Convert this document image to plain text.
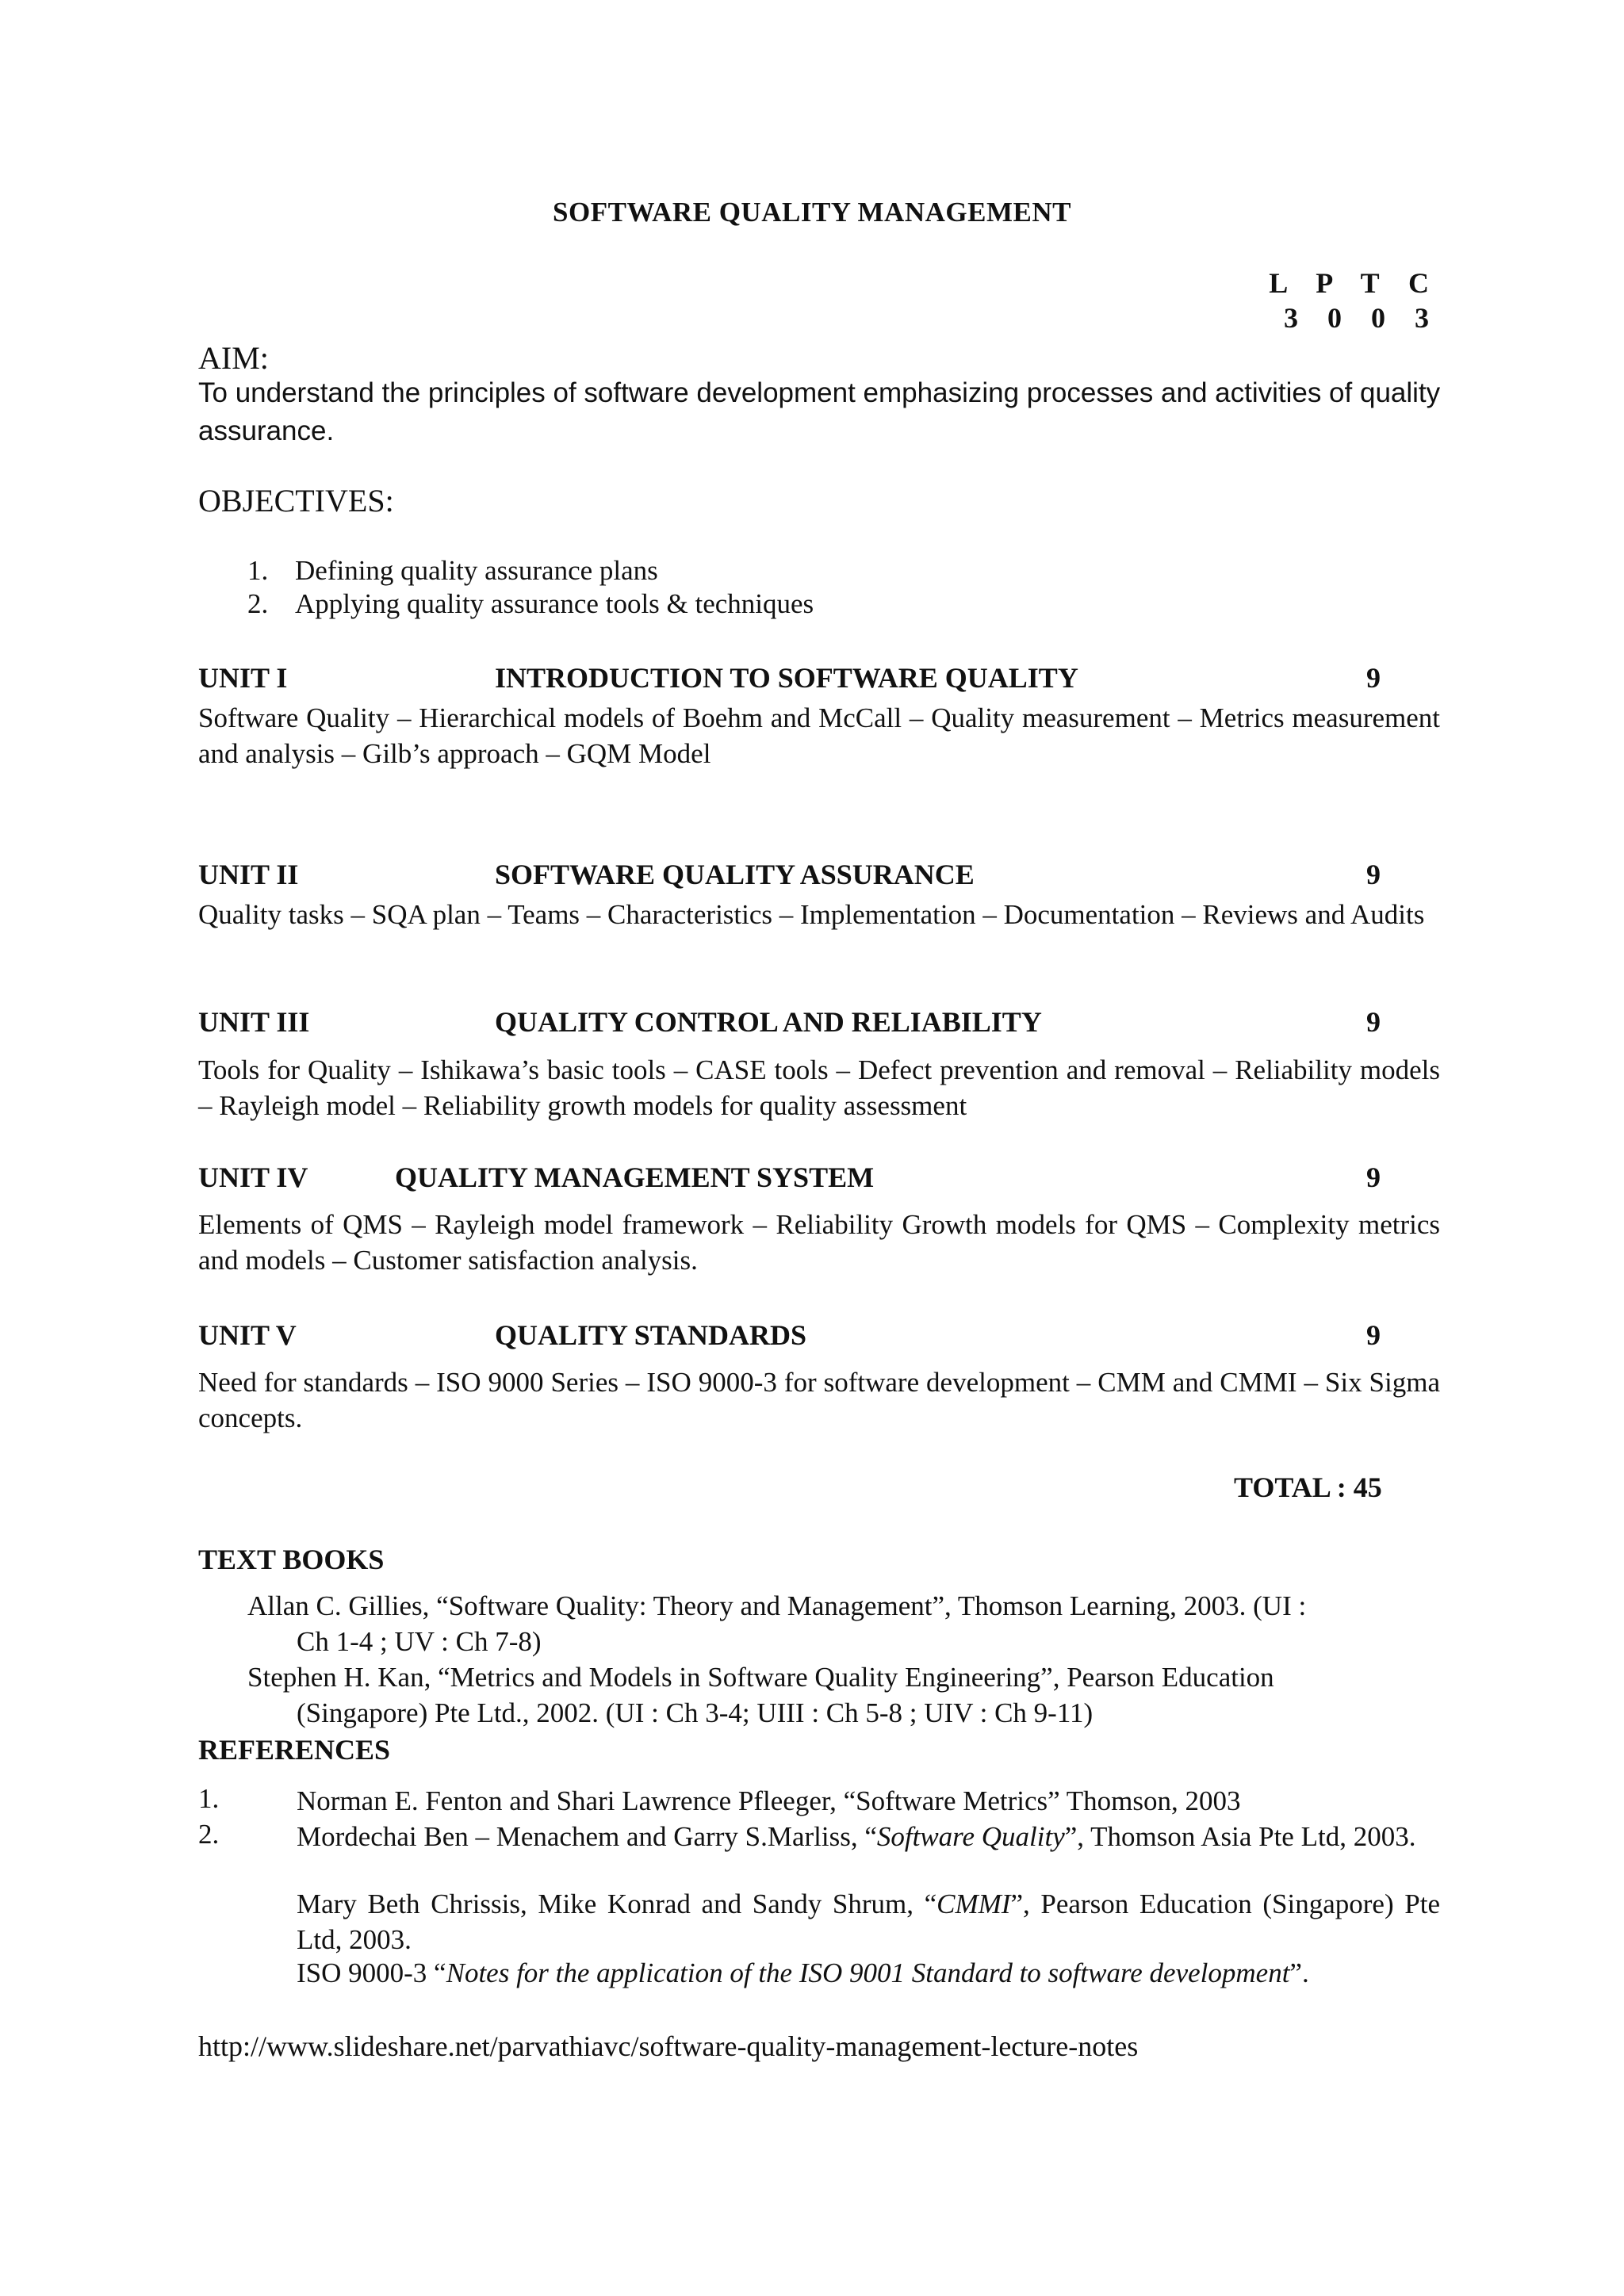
SOFTWARE QUALITY MANAGEMENT
L P T C
3 0 0 3
AIM:
To understand the principles of software development emphasizing processes and activities of quality assurance.
OBJECTIVES:
1. Defining quality assurance plans
2. Applying quality assurance tools & techniques
UNIT I	INTRODUCTION TO SOFTWARE QUALITY	9
Software Quality – Hierarchical models of Boehm and McCall – Quality measurement – Metrics measurement and analysis – Gilb’s approach – GQM Model
UNIT II	SOFTWARE QUALITY ASSURANCE	9
Quality tasks – SQA plan – Teams – Characteristics – Implementation – Documentation – Reviews and Audits
UNIT III	QUALITY CONTROL AND RELIABILITY	9
Tools for Quality – Ishikawa’s basic tools – CASE tools – Defect prevention and removal – Reliability models – Rayleigh model – Reliability growth models for quality assessment
UNIT IV	QUALITY MANAGEMENT SYSTEM	9
Elements of QMS – Rayleigh model framework – Reliability Growth models for QMS – Complexity metrics and models – Customer satisfaction analysis.
UNIT V	QUALITY STANDARDS	9
Need for standards – ISO 9000 Series – ISO 9000-3 for software development – CMM and CMMI – Six Sigma concepts.
TOTAL : 45
TEXT BOOKS
Allan C. Gillies, “Software Quality: Theory and Management”, Thomson Learning, 2003. (UI :
Ch 1-4 ; UV : Ch 7-8)
Stephen H. Kan, “Metrics and Models in Software Quality Engineering”, Pearson Education
(Singapore) Pte Ltd., 2002. (UI : Ch 3-4; UIII : Ch 5-8 ; UIV : Ch 9-11)
REFERENCES
1.	Norman E. Fenton and Shari Lawrence Pfleeger, “Software Metrics” Thomson, 2003
2.	Mordechai Ben – Menachem and Garry S.Marliss, “Software Quality”, Thomson Asia Pte Ltd, 2003.
Mary Beth Chrissis, Mike Konrad and Sandy Shrum, “CMMI”, Pearson Education (Singapore) Pte Ltd, 2003.
ISO 9000-3 “Notes for the application of the ISO 9001 Standard to software development”.
http://www.slideshare.net/parvathiavc/software-quality-management-lecture-notes
